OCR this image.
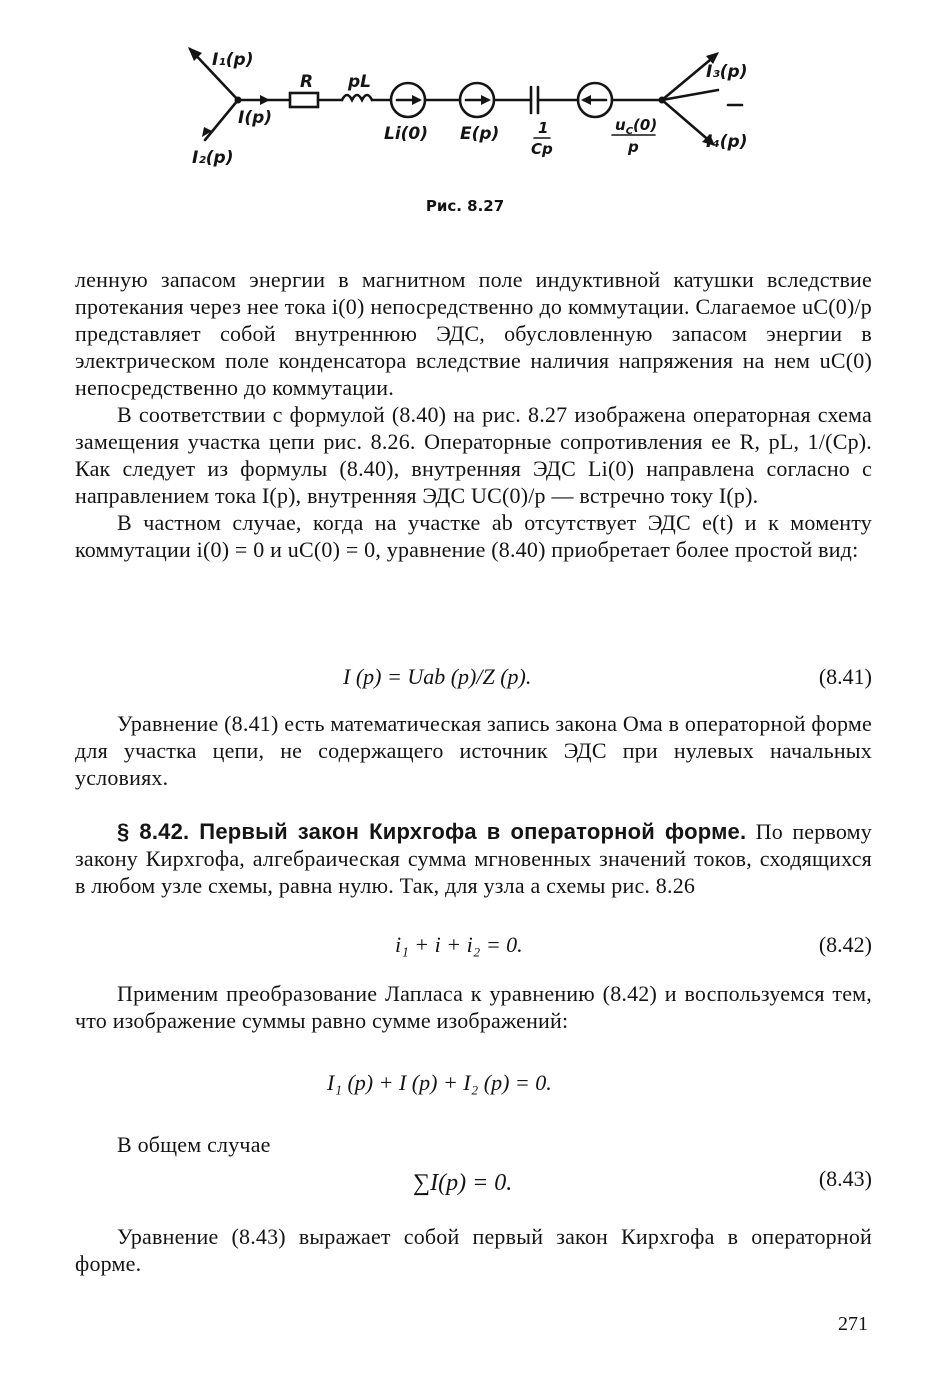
I₁(p)
I₂(p)
I(p)
R pL
Li(0) E(p)	1
Cp
$u_C(0)$
p
I₃(p)
I₄(p)
Рис. 8.27

ленную запасом энергии в магнитном поле индуктивной катушки вследствие протекания через нее тока i(0) непосредственно до коммутации. Слагаемое uC(0)/p представляет собой внутреннюю ЭДС, обусловленную запасом энергии в электрическом поле конденсатора вследствие наличия напряжения на нем uC(0) непосредственно до коммутации.

В соответствии с формулой (8.40) на рис. 8.27 изображена операторная схема замещения участка цепи рис. 8.26. Операторные сопротивления ее R, pL, 1/(Cp). Как следует из формулы (8.40), внутренняя ЭДС Li(0) направлена согласно с направлением тока I(p), внутренняя ЭДС UC(0)/p — встречно току I(p).

В частном случае, когда на участке ab отсутствует ЭДС e(t) и к моменту коммутации i(0) = 0 и uC(0) = 0, уравнение (8.40) приобретает более простой вид:

I (p) = Uab (p)/Z (p).	(8.41)

Уравнение (8.41) есть математическая запись закона Ома в операторной форме для участка цепи, не содержащего источник ЭДС при нулевых начальных условиях.

§ 8.42. Первый закон Кирхгофа в операторной форме. По первому закону Кирхгофа, алгебраическая сумма мгновенных значений токов, сходящихся в любом узле схемы, равна нулю. Так, для узла a схемы рис. 8.26

i₁ + i + i₂ = 0.	(8.42)

Применим преобразование Лапласа к уравнению (8.42) и воспользуемся тем, что изображение суммы равно сумме изображений:

I₁ (p) + I (p) + I₂ (p) = 0.

В общем случае

∑I(p) = 0.	(8.43)

Уравнение (8.43) выражает собой первый закон Кирхгофа в операторной форме.

271
